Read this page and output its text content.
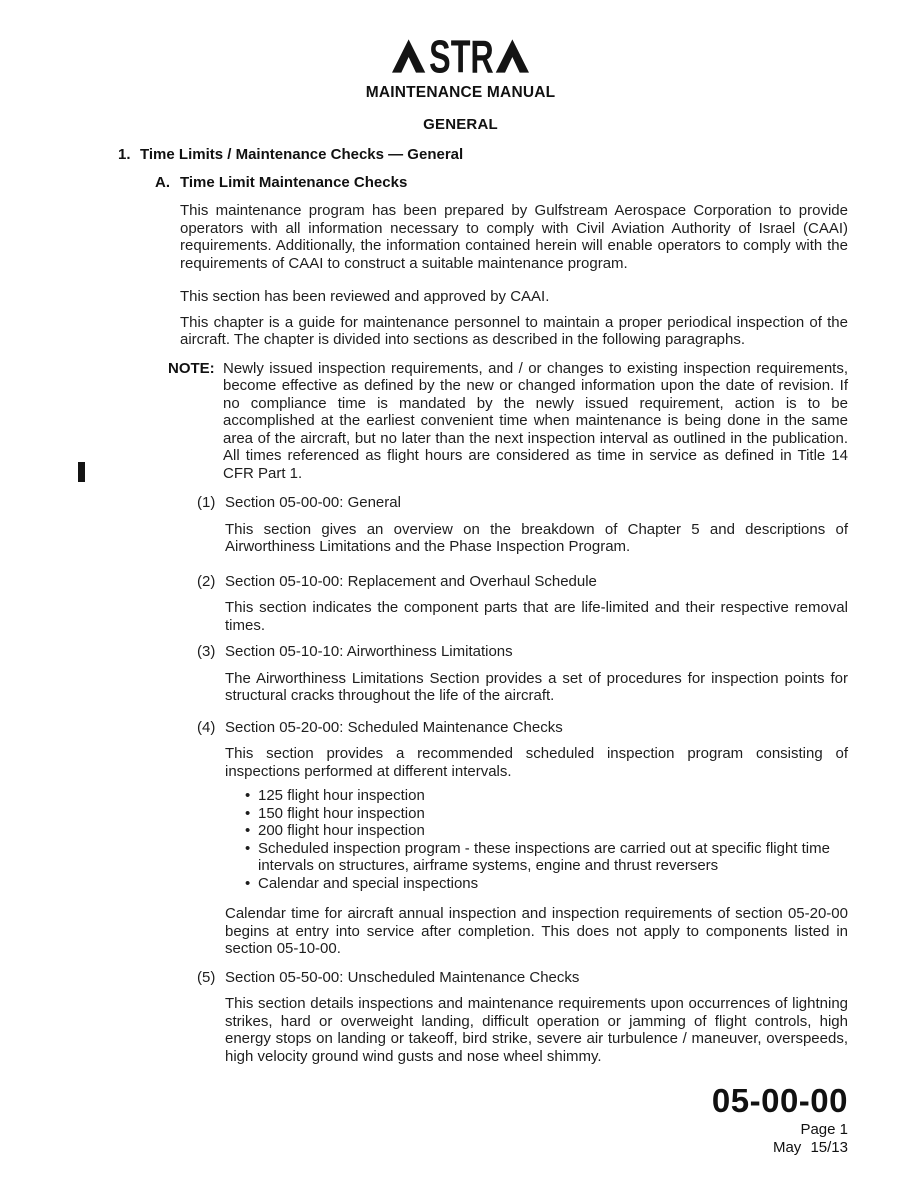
STR
MAINTENANCE MANUAL
GENERAL
1. Time Limits / Maintenance Checks — General
A. Time Limit Maintenance Checks

This maintenance program has been prepared by Gulfstream Aerospace Corporation to provide operators with all information necessary to comply with Civil Aviation Authority of Israel (CAAI) requirements. Additionally, the information contained herein will enable operators to comply with the requirements of CAAI to construct a suitable maintenance program.

This section has been reviewed and approved by CAAI.

This chapter is a guide for maintenance personnel to maintain a proper periodical inspection of the aircraft. The chapter is divided into sections as described in the following paragraphs.

NOTE: Newly issued inspection requirements, and / or changes to existing inspection requirements, become effective as defined by the new or changed information upon the date of revision. If no compliance time is mandated by the newly issued requirement, action is to be accomplished at the earliest convenient time when maintenance is being done in the same area of the aircraft, but no later than the next inspection interval as outlined in the publication. All times referenced as flight hours are considered as time in service as defined in Title 14 CFR Part 1.
(1) Section 05-00-00: General

This section gives an overview on the breakdown of Chapter 5 and descriptions of Airworthiness Limitations and the Phase Inspection Program.

(2) Section 05-10-00: Replacement and Overhaul Schedule

This section indicates the component parts that are life-limited and their respective removal times.

(3) Section 05-10-10: Airworthiness Limitations

The Airworthiness Limitations Section provides a set of procedures for inspection points for structural cracks throughout the life of the aircraft.

(4) Section 05-20-00: Scheduled Maintenance Checks

This section provides a recommended scheduled inspection program consisting of inspections performed at different intervals.

• 125 flight hour inspection
• 150 flight hour inspection
• 200 flight hour inspection
• Scheduled inspection program - these inspections are carried out at specific flight time intervals on structures, airframe systems, engine and thrust reversers
• Calendar and special inspections

Calendar time for aircraft annual inspection and inspection requirements of section 05-20-00 begins at entry into service after completion. This does not apply to components listed in section 05-10-00.

(5) Section 05-50-00: Unscheduled Maintenance Checks

This section details inspections and maintenance requirements upon occurrences of lightning strikes, hard or overweight landing, difficult operation or jamming of flight controls, high energy stops on landing or takeoff, bird strike, severe air turbulence / maneuver, overspeeds, high velocity ground wind gusts and nose wheel shimmy.

05-00-00
Page 1
May 15/13
